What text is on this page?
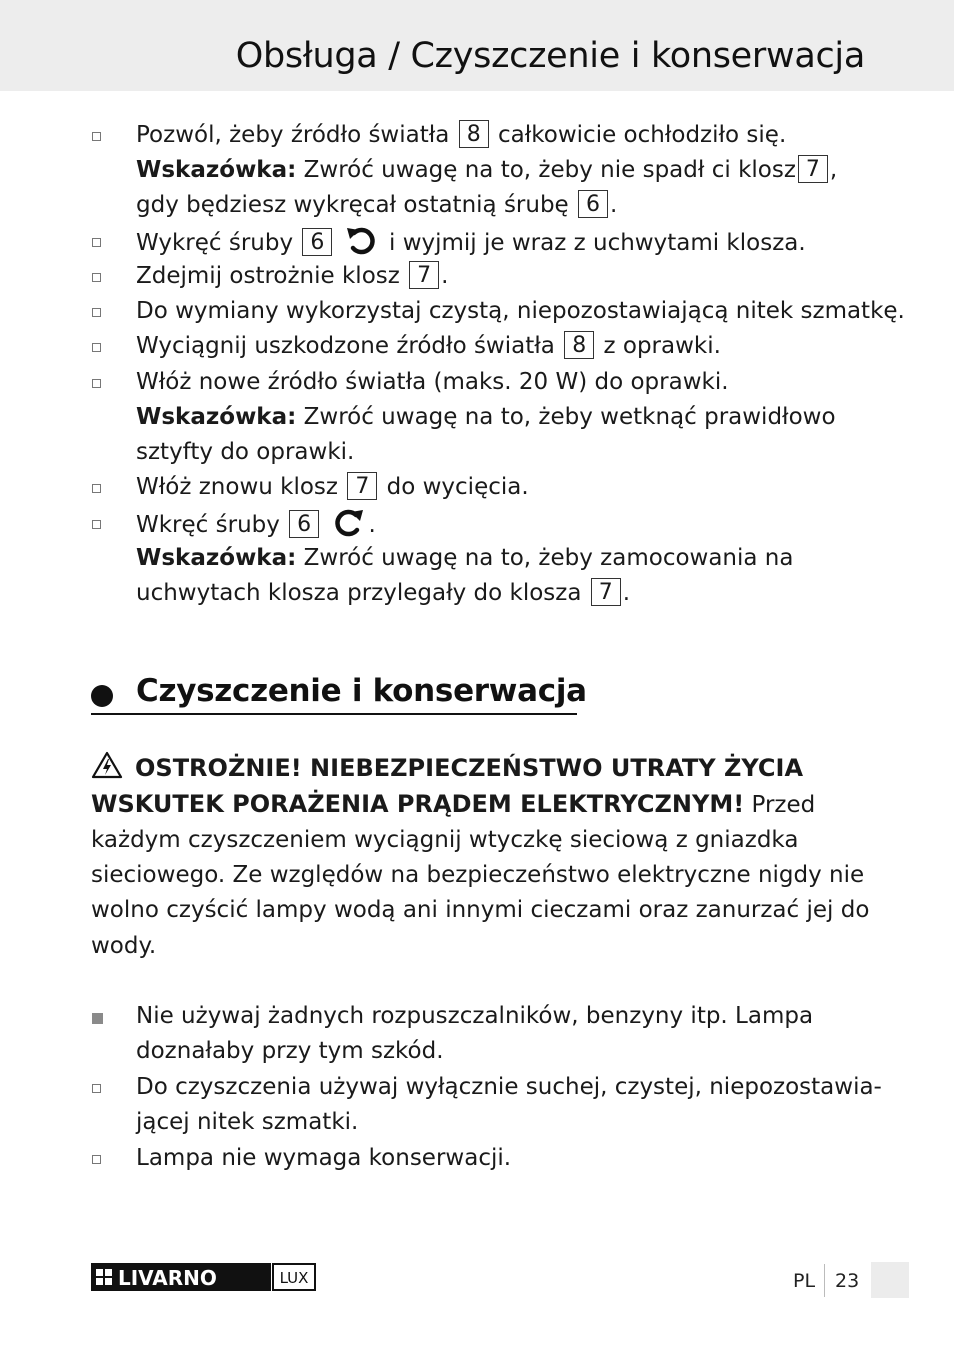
Obsługa / Czyszczenie i konserwacja
Pozwól, żeby źródło światła 8 całkowicie ochłodziło się.
Wskazówka: Zwróć uwagę na to, żeby nie spadł ci klosz 7 ,
gdy będziesz wykręcał ostatnią śrubę 6 .
Wykręć śruby 6	i wyjmij je wraz z uchwytami klosza.
Zdejmij ostrożnie klosz 7 .
Do wymiany wykorzystaj czystą, niepozostawiającą nitek szmatkę.
Wyciągnij uszkodzone źródło światła 8 z oprawki.
Włóż nowe źródło światła (maks. 20 W) do oprawki.
Wskazówka: Zwróć uwagę na to, żeby wetknąć prawidłowo
sztyfty do oprawki.
Włóż znowu klosz 7 do wycięcia.
Wkręć śruby 6 .
Wskazówka: Zwróć uwagę na to, żeby zamocowania na
uchwytach klosza przylegały do klosza 7 .
Czyszczenie i konserwacja
OSTROŻNIE! NIEBEZPIECZEŃSTWO UTRATY ŻYCIA
WSKUTEK PORAŻENIA PRĄDEM ELEKTRYCZNYM! Przed
każdym czyszczeniem wyciągnij wtyczkę sieciową z gniazdka
sieciowego. Ze względów na bezpieczeństwo elektryczne nigdy nie
wolno czyścić lampy wodą ani innymi cieczami oraz zanurzać jej do
wody.
Nie używaj żadnych rozpuszczalników, benzyny itp. Lampa
doznałaby przy tym szkód.
Do czyszczenia używaj wyłącznie suchej, czystej, niepozostawia-
jącej nitek szmatki.
Lampa nie wymaga konserwacji.
LIVARNO	LUX	PL 23
